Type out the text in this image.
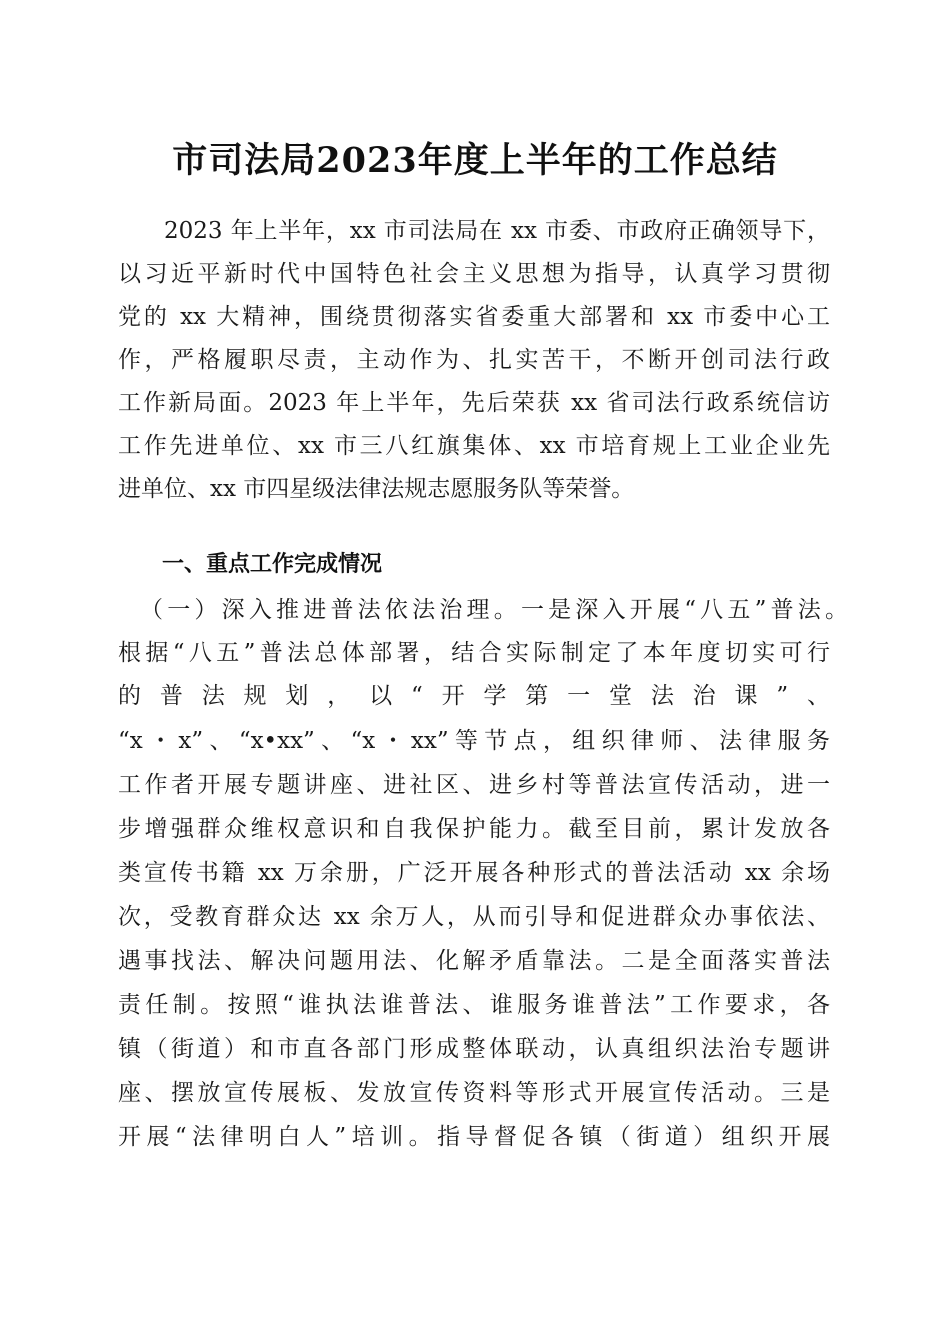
市司法局2023年度上半年的工作总结
2023 年上半年，xx 市司法局在 xx 市委、市政府正确领导下，
以习近平新时代中国特色社会主义思想为指导，认真学习贯彻
党的 xx 大精神，围绕贯彻落实省委重大部署和 xx 市委中心工
作，严格履职尽责，主动作为、扎实苦干，不断开创司法行政
工作新局面。2023 年上半年，先后荣获 xx 省司法行政系统信访
工作先进单位、xx 市三八红旗集体、xx 市培育规上工业企业先
进单位、xx 市四星级法律法规志愿服务队等荣誉。
一、重点工作完成情况
（一）深入推进普法依法治理。一是深入开展“八五”普法。
根据“八五”普法总体部署，结合实际制定了本年度切实可行
的普法规划，以“开学第一堂法治课”、
“x・x”、“x•xx”、“x・xx”等节点，组织律师、法律服务
工作者开展专题讲座、进社区、进乡村等普法宣传活动，进一
步增强群众维权意识和自我保护能力。截至目前，累计发放各
类宣传书籍 xx 万余册，广泛开展各种形式的普法活动 xx 余场
次，受教育群众达 xx 余万人，从而引导和促进群众办事依法、
遇事找法、解决问题用法、化解矛盾靠法。二是全面落实普法
责任制。按照“谁执法谁普法、谁服务谁普法”工作要求，各
镇（街道）和市直各部门形成整体联动，认真组织法治专题讲
座、摆放宣传展板、发放宣传资料等形式开展宣传活动。三是
开展“法律明白人”培训。指导督促各镇（街道）组织开展
